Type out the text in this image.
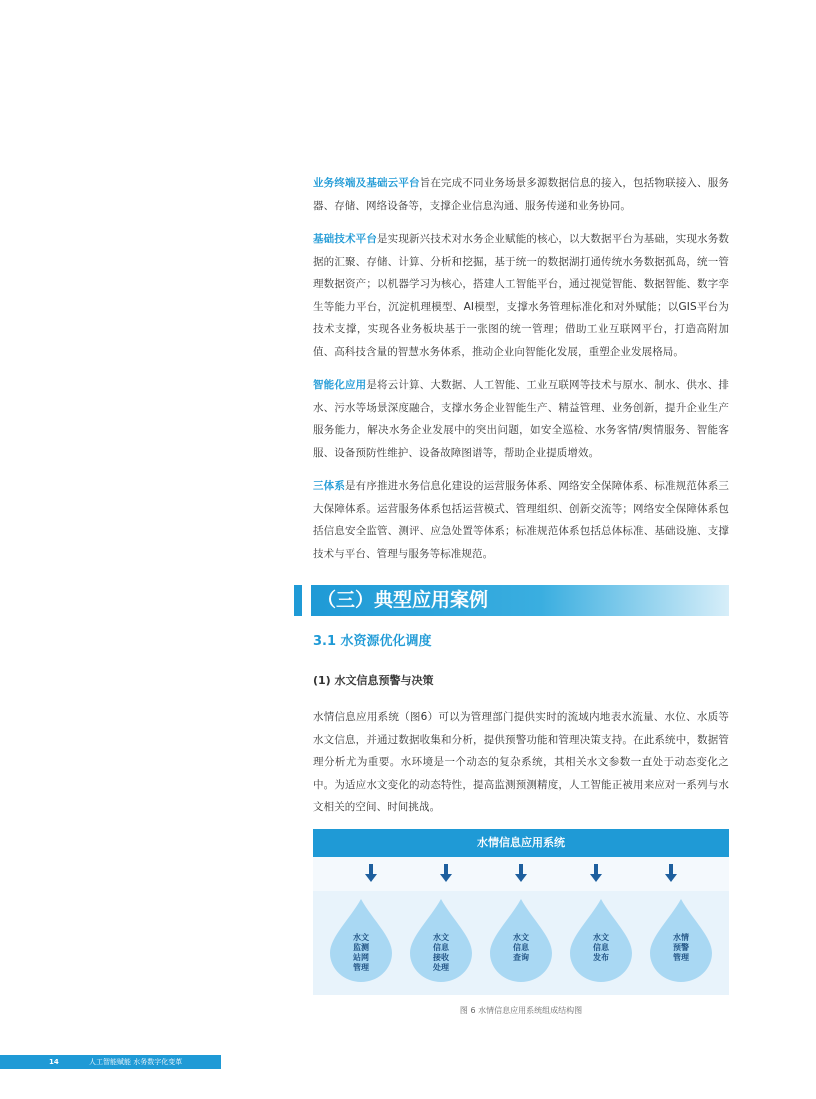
业务终端及基础云平台旨在完成不同业务场景多源数据信息的接入，包括物联接入、服务器、存储、网络设备等，支撑企业信息沟通、服务传递和业务协同。

基础技术平台是实现新兴技术对水务企业赋能的核心，以大数据平台为基础，实现水务数据的汇聚、存储、计算、分析和挖掘，基于统一的数据湖打通传统水务数据孤岛，统一管理数据资产；以机器学习为核心，搭建人工智能平台，通过视觉智能、数据智能、数字孪生等能力平台，沉淀机理模型、AI模型，支撑水务管理标准化和对外赋能；以GIS平台为技术支撑，实现各业务板块基于一张图的统一管理；借助工业互联网平台，打造高附加值、高科技含量的智慧水务体系，推动企业向智能化发展，重塑企业发展格局。

智能化应用是将云计算、大数据、人工智能、工业互联网等技术与原水、制水、供水、排水、污水等场景深度融合，支撑水务企业智能生产、精益管理、业务创新，提升企业生产服务能力，解决水务企业发展中的突出问题，如安全巡检、水务客情/舆情服务、智能客服、设备预防性维护、设备故障图谱等，帮助企业提质增效。

三体系是有序推进水务信息化建设的运营服务体系、网络安全保障体系、标准规范体系三大保障体系。运营服务体系包括运营模式、管理组织、创新交流等；网络安全保障体系包括信息安全监管、测评、应急处置等体系；标准规范体系包括总体标准、基础设施、支撑技术与平台、管理与服务等标准规范。

（三）典型应用案例
3.1 水资源优化调度
(1) 水文信息预警与决策

水情信息应用系统（图6）可以为管理部门提供实时的流域内地表水流量、水位、水质等水文信息，并通过数据收集和分析，提供预警功能和管理决策支持。在此系统中，数据管理分析尤为重要。水环境是一个动态的复杂系统，其相关水文参数一直处于动态变化之中。为适应水文变化的动态特性，提高监测预测精度，人工智能正被用来应对一系列与水文相关的空间、时间挑战。

水情信息应用系统
水文
监测
站网
管理
水文
信息
接收
处理
水文
信息
查询
水文
信息
发布
水情
预警
管理
图 6 水情信息应用系统组成结构图
14	人工智能赋能 水务数字化变革
